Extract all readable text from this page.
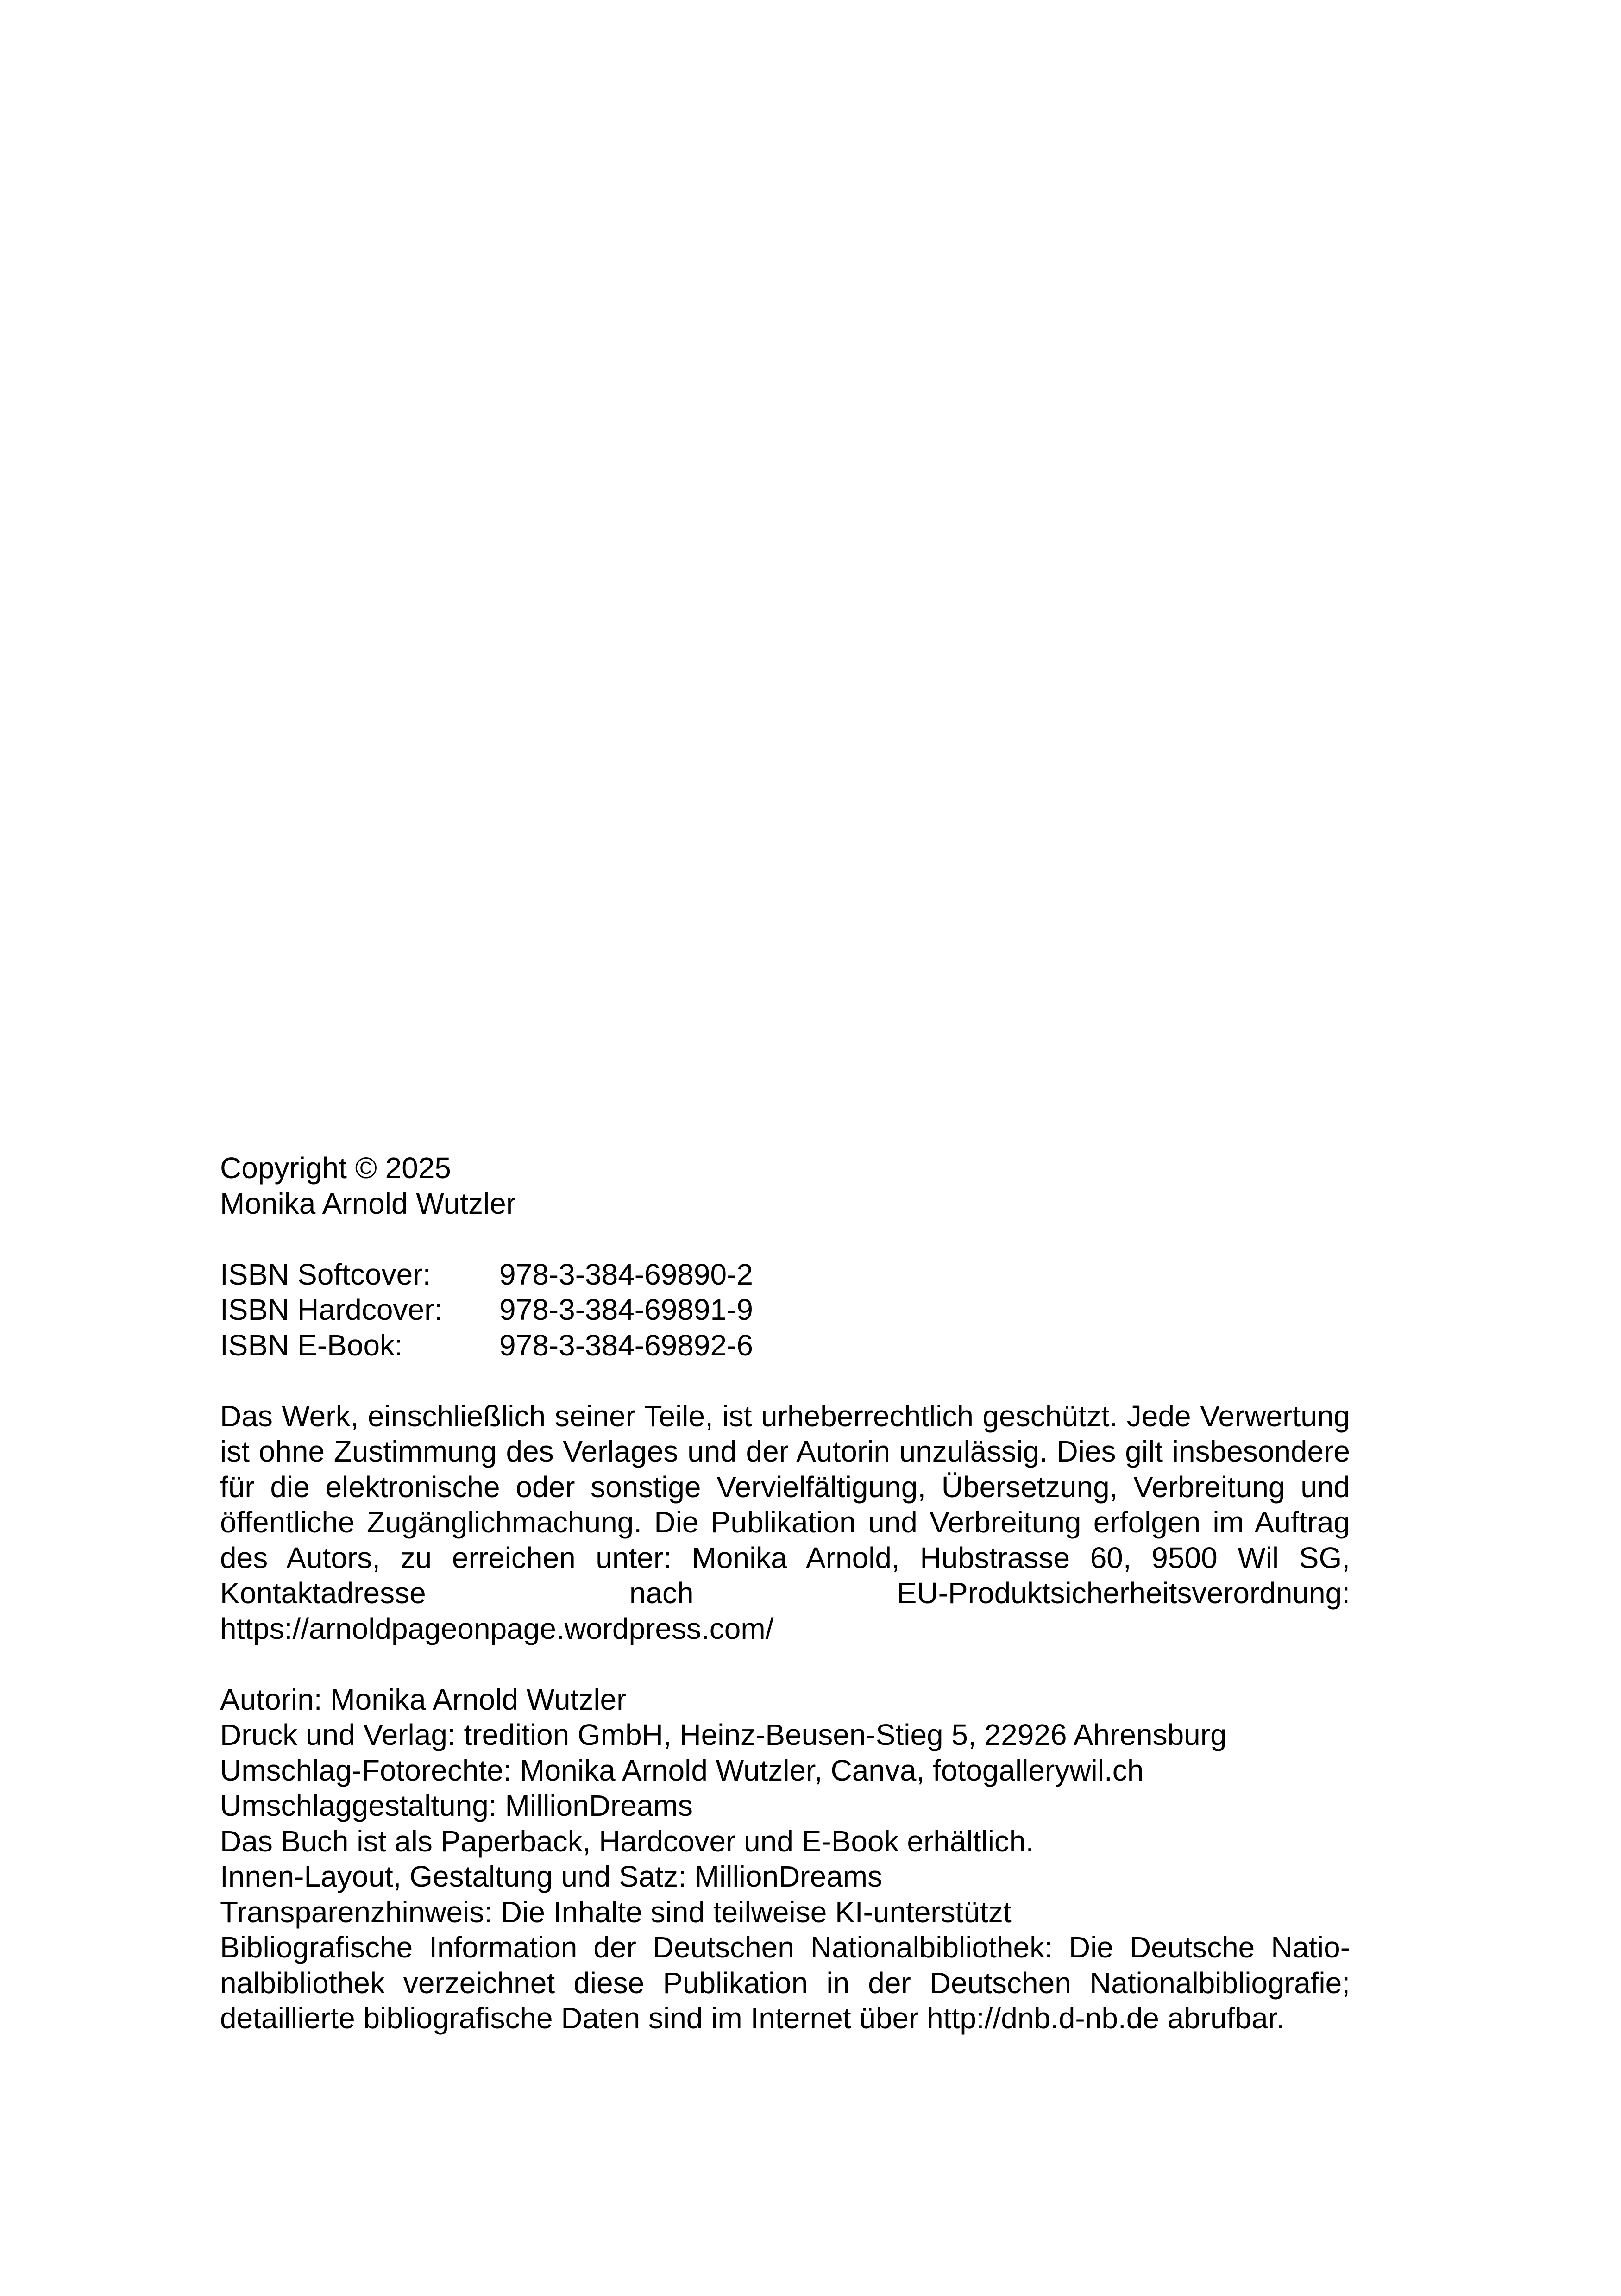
Copyright © 2025
Monika Arnold Wutzler
ISBN Softcover:	978-3-384-69890-2
ISBN Hardcover:	978-3-384-69891-9
ISBN E-Book:	978-3-384-69892-6
Das Werk, einschließlich seiner Teile, ist urheberrechtlich geschützt. Jede Verwertung ist ohne Zustimmung des Verlages und der Autorin unzulässig. Dies gilt insbesondere für die elektronische oder sonstige Vervielfältigung, Übersetzung, Verbreitung und öffentliche Zugänglichmachung. Die Publikation und Verbreitung erfolgen im Auftrag des Autors, zu erreichen unter: Monika Arnold, Hubstrasse 60, 9500 Wil SG, Kontaktadresse nach EU-Produktsicherheitsverordnung: https://arnoldpageonpage.wordpress.com/
Autorin: Monika Arnold Wutzler
Druck und Verlag: tredition GmbH, Heinz-Beusen-Stieg 5, 22926 Ahrensburg
Umschlag-Fotorechte: Monika Arnold Wutzler, Canva, fotogallerywil.ch
Umschlaggestaltung: MillionDreams
Das Buch ist als Paperback, Hardcover und E-Book erhältlich.
Innen-Layout, Gestaltung und Satz: MillionDreams
Transparenzhinweis: Die Inhalte sind teilweise KI-unterstützt
Bibliografische Information der Deutschen Nationalbibliothek: Die Deutsche Nationalbibliothek verzeichnet diese Publikation in der Deutschen Nationalbibliografie; detaillierte bibliografische Daten sind im Internet über http://dnb.d-nb.de abrufbar.
